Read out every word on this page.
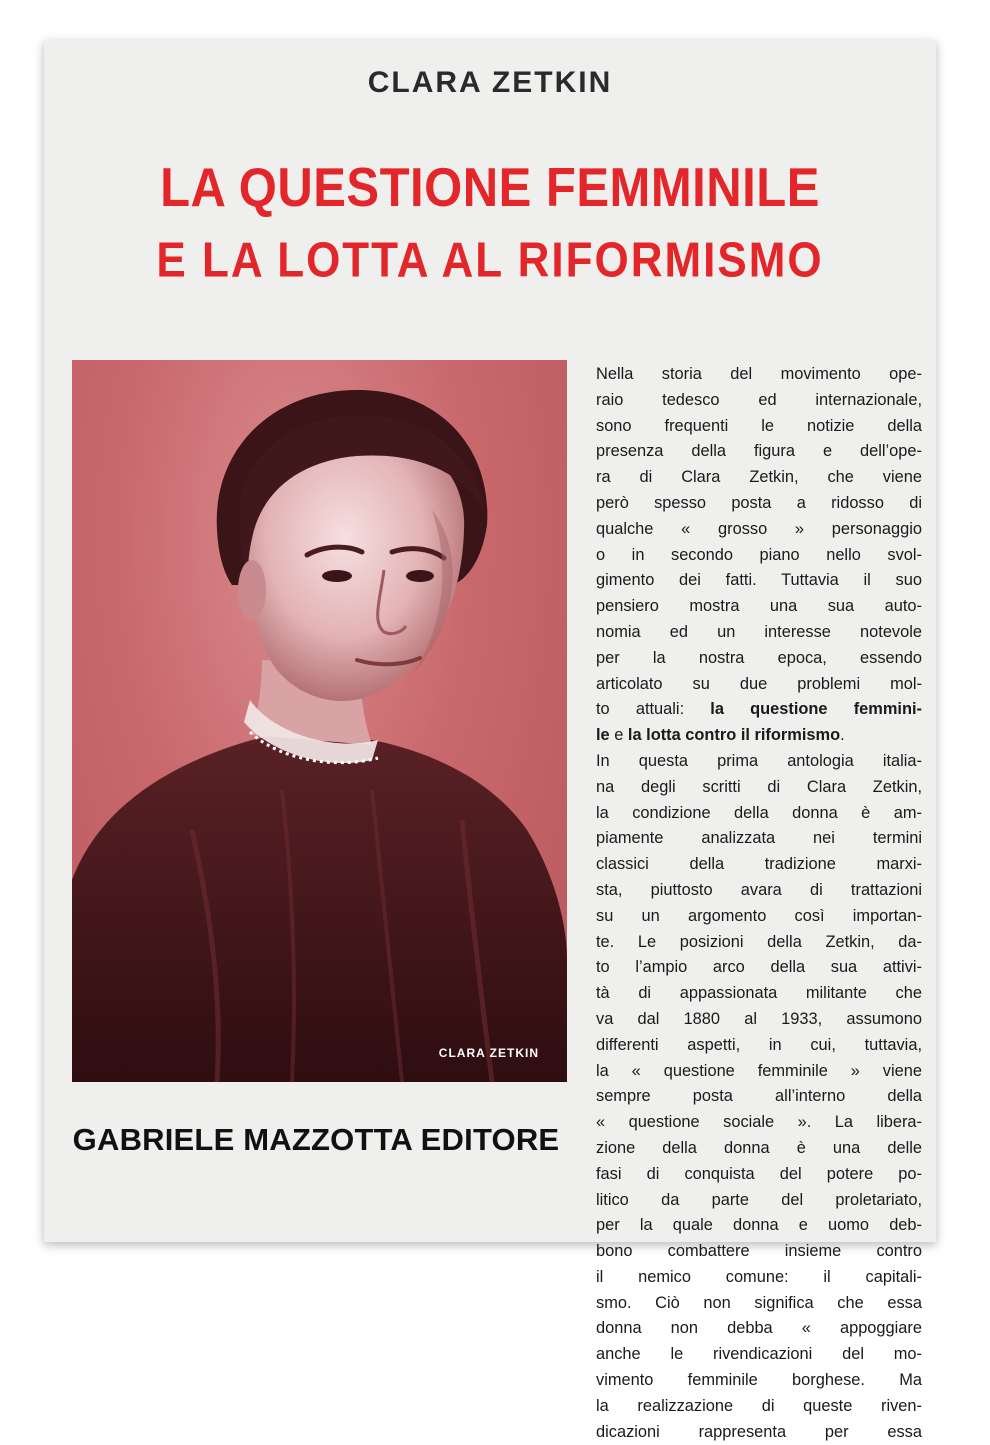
CLARA ZETKIN
LA QUESTIONE FEMMINILE
E LA LOTTA AL RIFORMISMO
CLARA ZETKIN
Nella storia del movimento ope-
raio tedesco ed internazionale,
sono frequenti le notizie della
presenza della figura e dell’ope-
ra di Clara Zetkin, che viene
però spesso posta a ridosso di
qualche « grosso » personaggio
o in secondo piano nello svol-
gimento dei fatti. Tuttavia il suo
pensiero mostra una sua auto-
nomia ed un interesse notevole
per la nostra epoca, essendo
articolato su due problemi mol-
to attuali: la questione femmini-
le e la lotta contro il riformismo.
In questa prima antologia italia-
na degli scritti di Clara Zetkin,
la condizione della donna è am-
piamente analizzata nei termini
classici della tradizione marxi-
sta, piuttosto avara di trattazioni
su un argomento così importan-
te. Le posizioni della Zetkin, da-
to l’ampio arco della sua attivi-
tà di appassionata militante che
va dal 1880 al 1933, assumono
differenti aspetti, in cui, tuttavia,
la « questione femminile » viene
sempre posta all’interno della
« questione sociale ». La libera-
zione della donna è una delle
fasi di conquista del potere po-
litico da parte del proletariato,
per la quale donna e uomo deb-
bono combattere insieme contro
il nemico comune: il capitali-
smo. Ciò non significa che essa
donna non debba « appoggiare
anche le rivendicazioni del mo-
vimento femminile borghese. Ma
la realizzazione di queste riven-
dicazioni rappresenta per essa
GABRIELE MAZZOTTA EDITORE
